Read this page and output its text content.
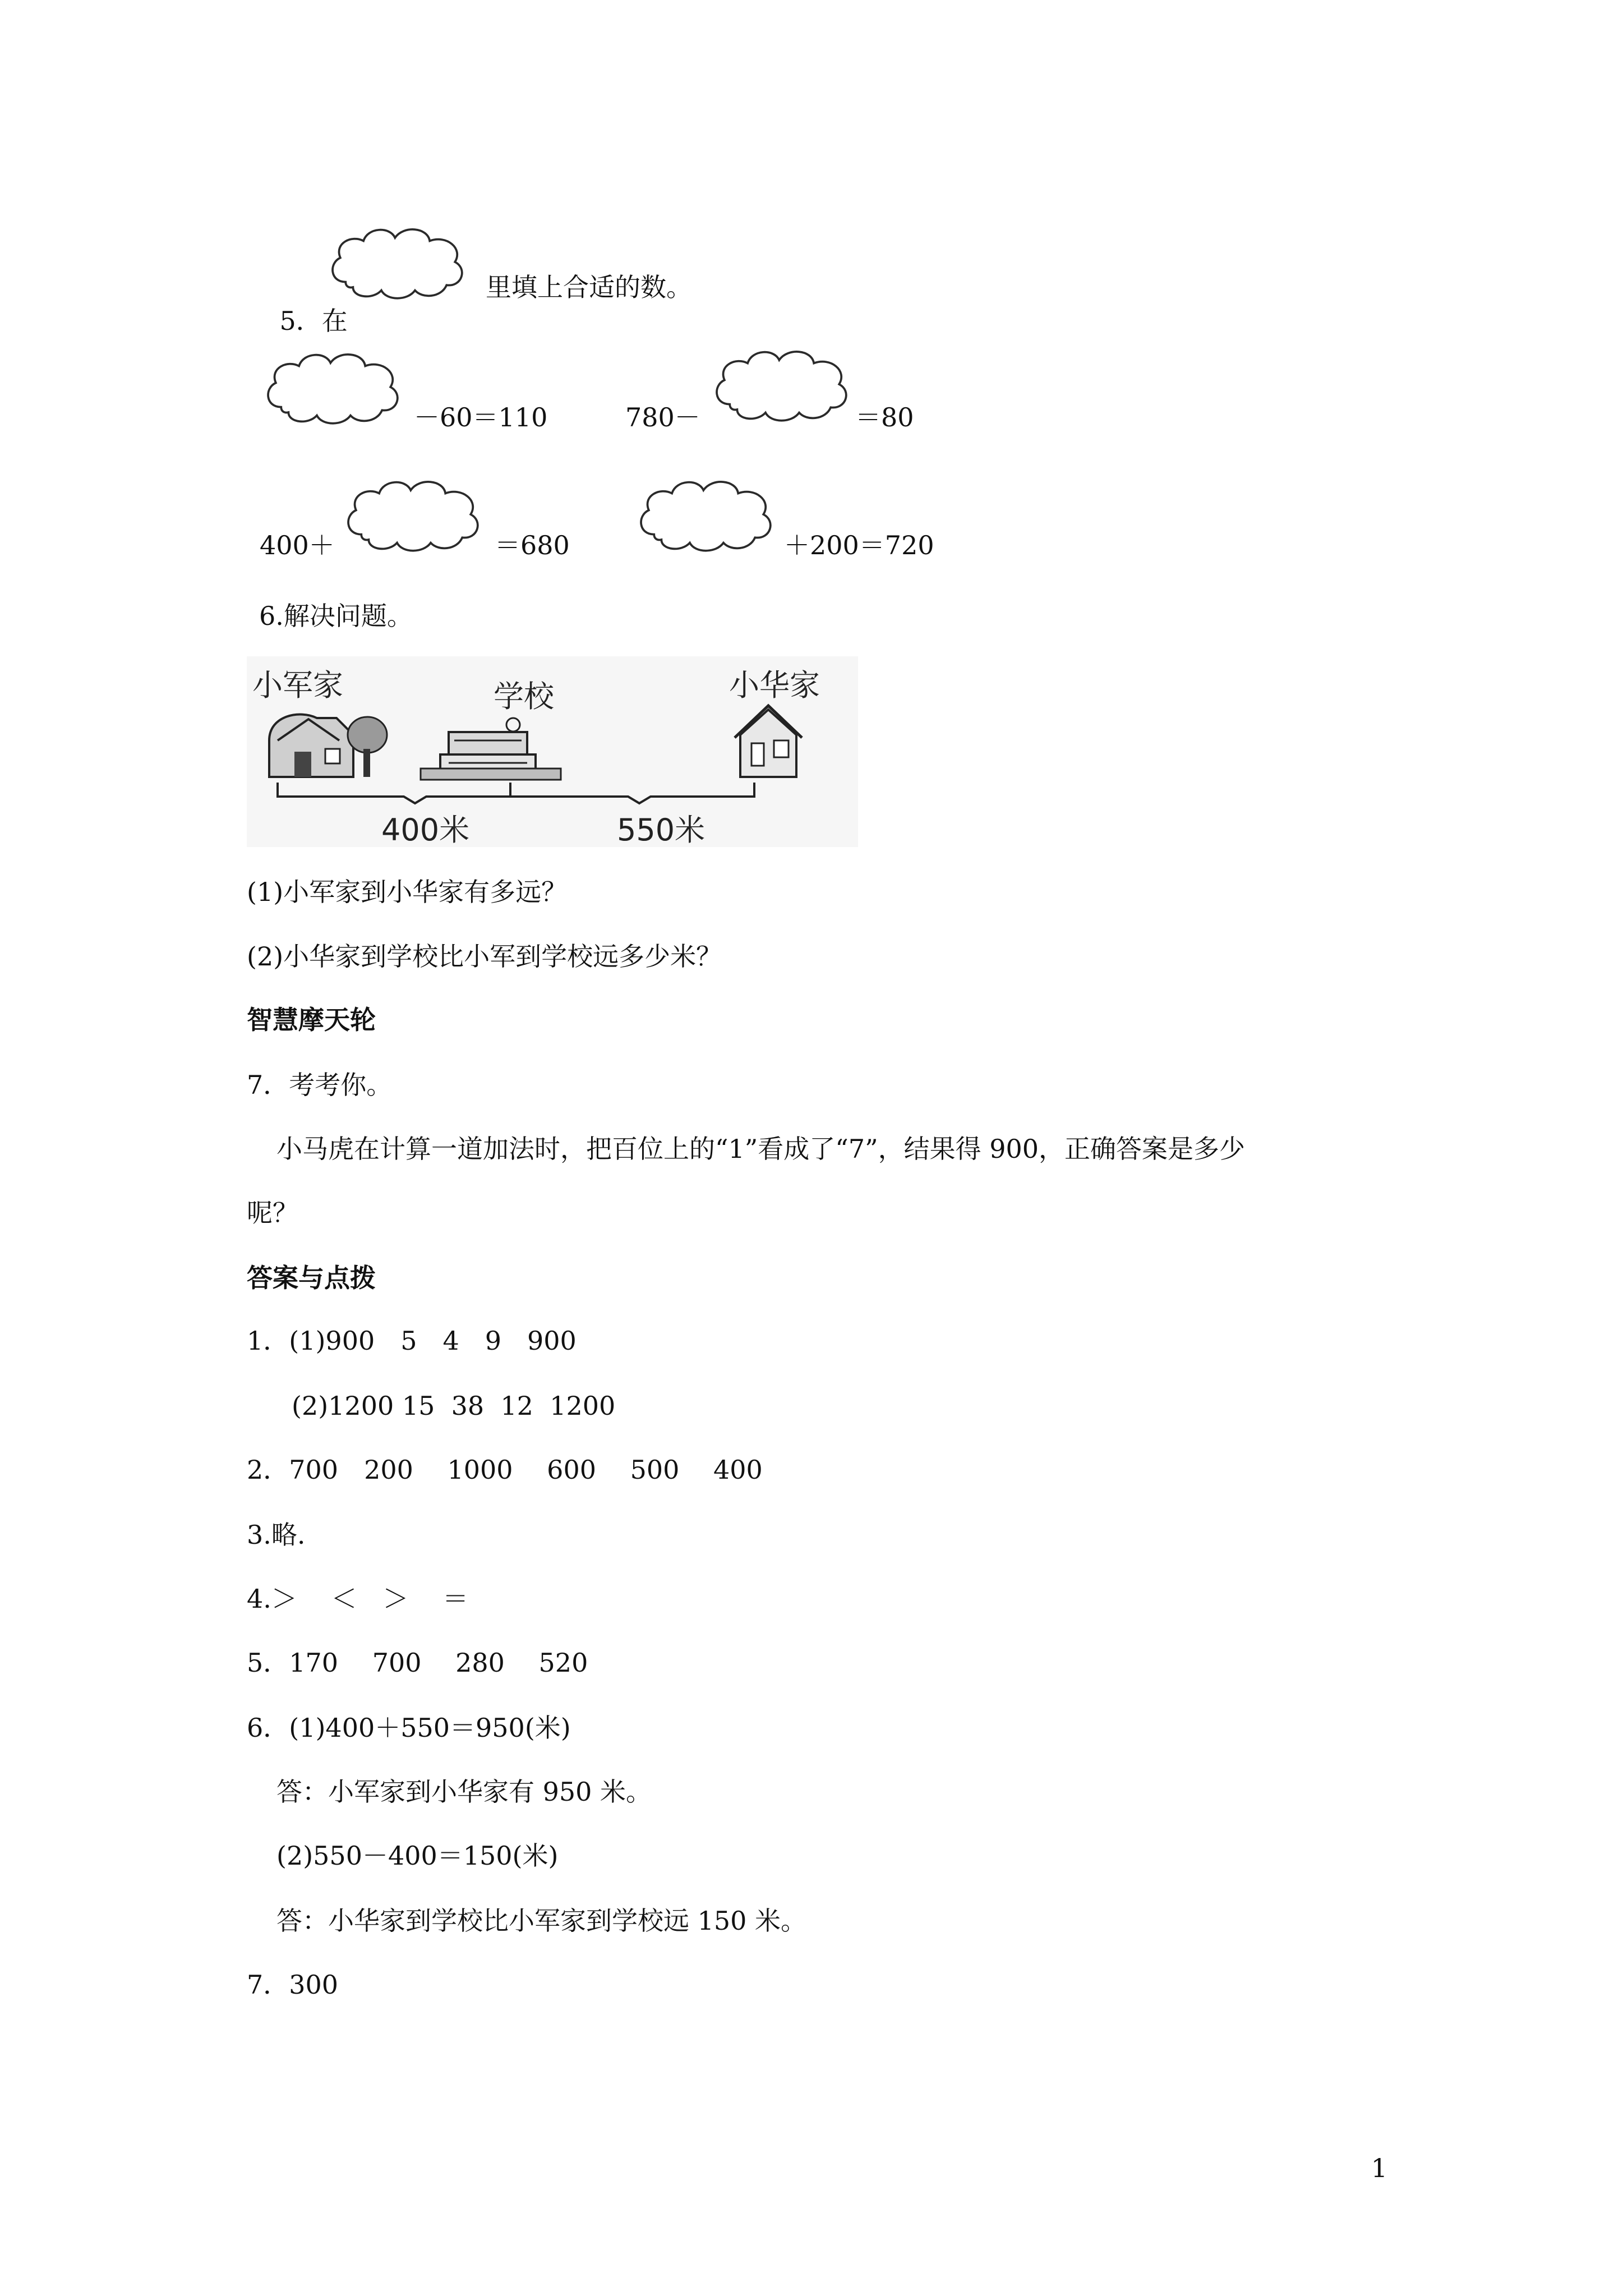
5．在

里填上合适的数。
－60＝110	780－	＝80
400＋	＝680	＋200＝720
6.解决问题。
小军家	学校	小华家
400米	550米
(1)小军家到小华家有多远？
(2)小华家到学校比小军到学校远多少米？
智慧摩天轮
7．考考你。
小马虎在计算一道加法时，把百位上的“1”看成了“7”，结果得 900，正确答案是多少
呢？
答案与点拨
1．(1)900　5　4　9　900
(2)1200 15  38  12  1200
2．700　200　 1000　 600　 500　 400
3.略.
4.＞　 ＜　＞　 ＝
5．170　 700　 280　 520
6．(1)400＋550＝950(米)
答：小军家到小华家有 950 米。
(2)550－400＝150(米)
答：小华家到学校比小军家到学校远 150 米。
7．300
1
